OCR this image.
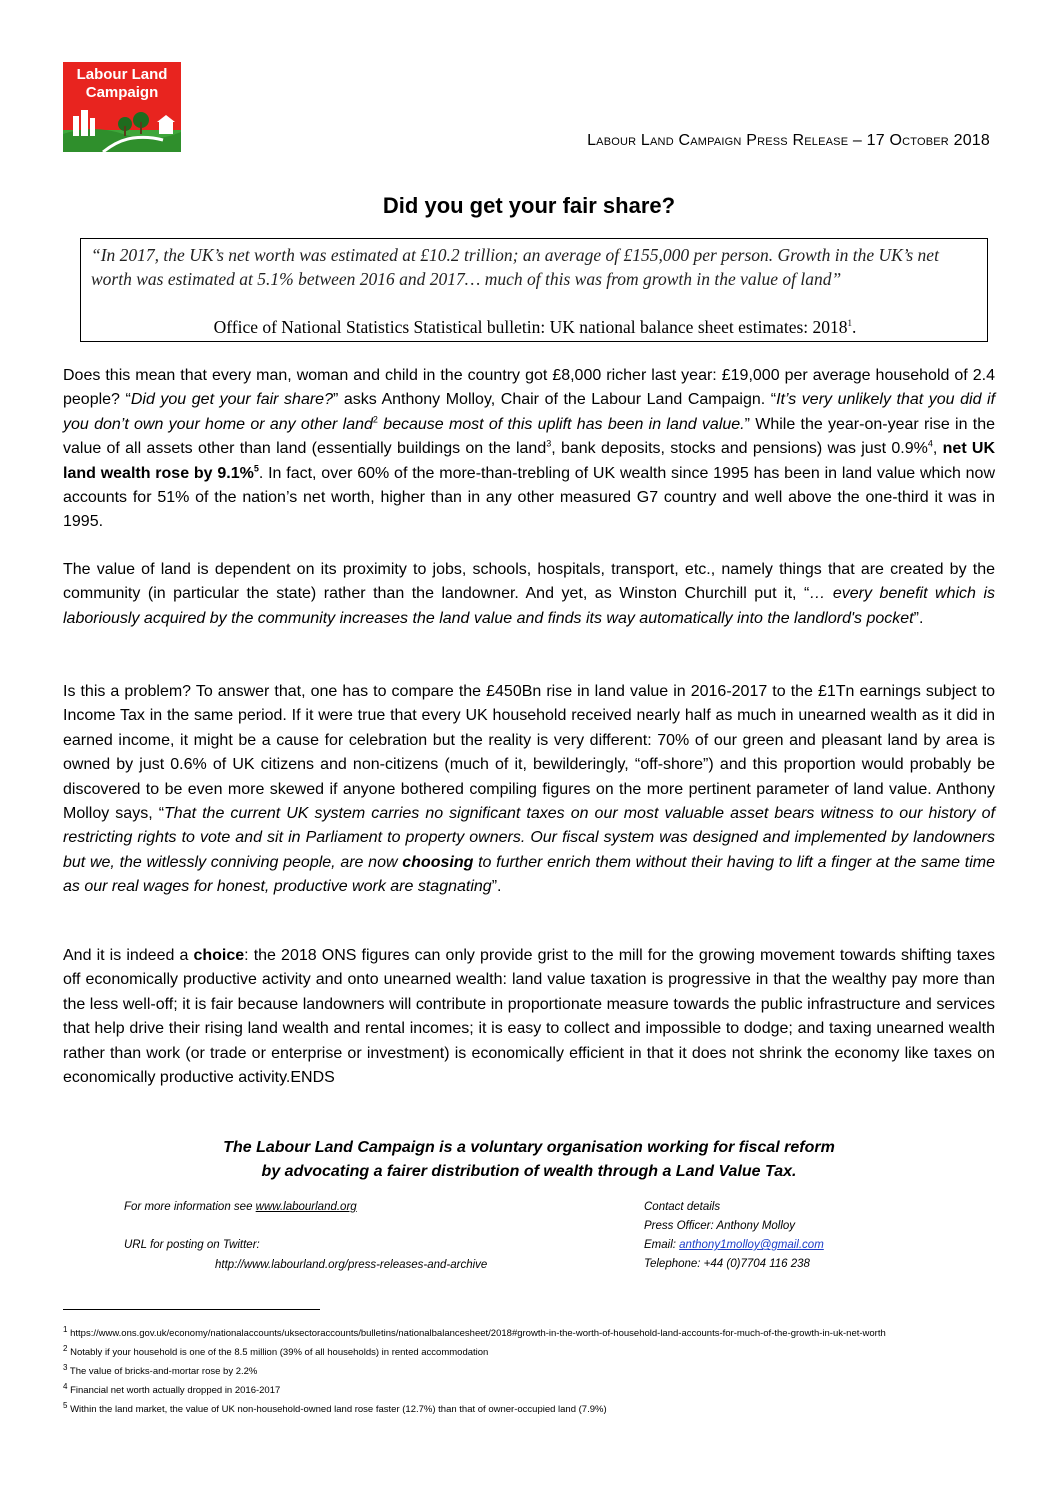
Labour Land
Campaign
Labour Land Campaign Press Release – 17 October 2018
Did you get your fair share?
“In 2017, the UK’s net worth was estimated at £10.2 trillion; an average of £155,000 per person. Growth in the UK’s net worth was estimated at 5.1% between 2016 and 2017… much of this was from growth in the value of land”
Office of National Statistics Statistical bulletin: UK national balance sheet estimates: 2018$^1$.

Does this mean that every man, woman and child in the country got £8,000 richer last year: £19,000 per average household of 2.4 people? “Did you get your fair share?” asks Anthony Molloy, Chair of the Labour Land Campaign. “It’s very unlikely that you did if you don’t own your home or any other land$^2$ because most of this uplift has been in land value.” While the year-on-year rise in the value of all assets other than land (essentially buildings on the land$^3$, bank deposits, stocks and pensions) was just 0.9%$^4$, net UK land wealth rose by 9.1%$^5$. In fact, over 60% of the more-than-trebling of UK wealth since 1995 has been in land value which now accounts for 51% of the nation’s net worth, higher than in any other measured G7 country and well above the one-third it was in 1995.

The value of land is dependent on its proximity to jobs, schools, hospitals, transport, etc., namely things that are created by the community (in particular the state) rather than the landowner. And yet, as Winston Churchill put it, “… every benefit which is laboriously acquired by the community increases the land value and finds its way automatically into the landlord's pocket”.

Is this a problem? To answer that, one has to compare the £450Bn rise in land value in 2016-2017 to the £1Tn earnings subject to Income Tax in the same period. If it were true that every UK household received nearly half as much in unearned wealth as it did in earned income, it might be a cause for celebration but the reality is very different: 70% of our green and pleasant land by area is owned by just 0.6% of UK citizens and non-citizens (much of it, bewilderingly, “off-shore”) and this proportion would probably be discovered to be even more skewed if anyone bothered compiling figures on the more pertinent parameter of land value. Anthony Molloy says, “That the current UK system carries no significant taxes on our most valuable asset bears witness to our history of restricting rights to vote and sit in Parliament to property owners. Our fiscal system was designed and implemented by landowners but we, the witlessly conniving people, are now choosing to further enrich them without their having to lift a finger at the same time as our real wages for honest, productive work are stagnating”.

And it is indeed a choice: the 2018 ONS figures can only provide grist to the mill for the growing movement towards shifting taxes off economically productive activity and onto unearned wealth: land value taxation is progressive in that the wealthy pay more than the less well-off; it is fair because landowners will contribute in proportionate measure towards the public infrastructure and services that help drive their rising land wealth and rental incomes; it is easy to collect and impossible to dodge; and taxing unearned wealth rather than work (or trade or enterprise or investment) is economically efficient in that it does not shrink the economy like taxes on economically productive activity.ENDS

The Labour Land Campaign is a voluntary organisation working for fiscal reform
by advocating a fairer distribution of wealth through a Land Value Tax.
For more information see www.labourland.org
URL for posting on Twitter:
http://www.labourland.org/press-releases-and-archive
Contact details
Press Officer: Anthony Molloy
Email: anthony1molloy@gmail.com
Telephone: +44 (0)7704 116 238
$^1$ https://www.ons.gov.uk/economy/nationalaccounts/uksectoraccounts/bulletins/nationalbalancesheet/2018#growth-in-the-worth-of-household-land-accounts-for-much-of-the-growth-in-uk-net-worth
$^2$ Notably if your household is one of the 8.5 million (39% of all households) in rented accommodation
$^3$ The value of bricks-and-mortar rose by 2.2%
$^4$ Financial net worth actually dropped in 2016-2017
$^5$ Within the land market, the value of UK non-household-owned land rose faster (12.7%) than that of owner-occupied land (7.9%)
